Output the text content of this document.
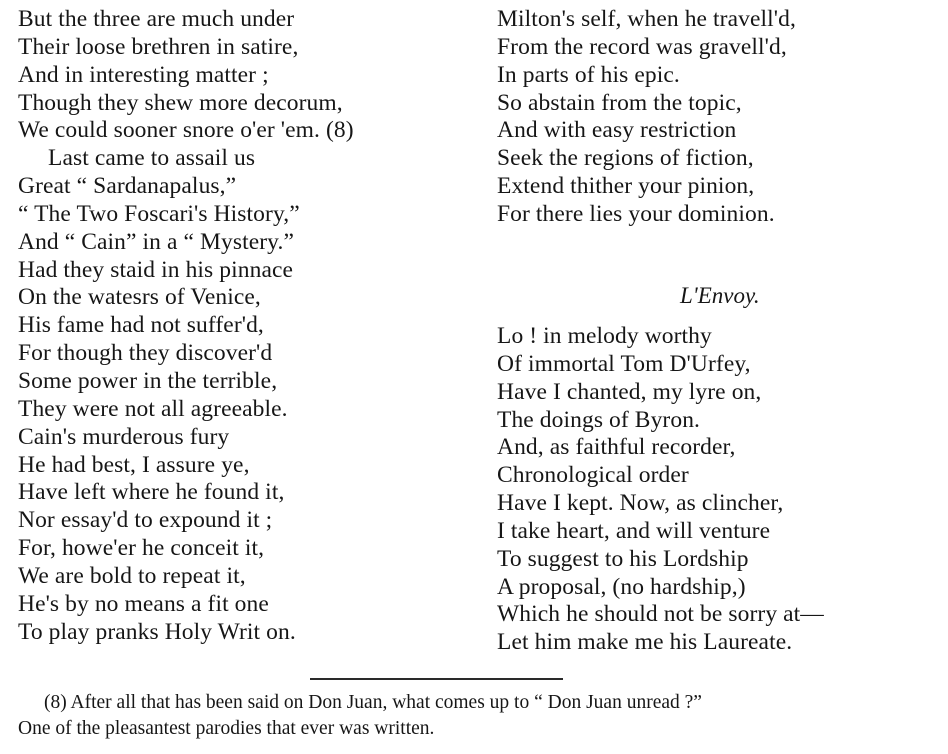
But the three are much under
Their loose brethren in satire,
And in interesting matter ;
Though they shew more decorum,
We could sooner snore o'er 'em. (8)
Last came to assail us
Great “ Sardanapalus,”
“ The Two Foscari's History,”
And “ Cain” in a “ Mystery.”
Had they staid in his pinnace
On the watesrs of Venice,
His fame had not suffer'd,
For though they discover'd
Some power in the terrible,
They were not all agreeable.
Cain's murderous fury
He had best, I assure ye,
Have left where he found it,
Nor essay'd to expound it ;
For, howe'er he conceit it,
We are bold to repeat it,
He's by no means a fit one
To play pranks Holy Writ on.
Milton's self, when he travell'd,
From the record was gravell'd,
In parts of his epic.
So abstain from the topic,
And with easy restriction
Seek the regions of fiction,
Extend thither your pinion,
For there lies your dominion.
L'Envoy.
Lo ! in melody worthy
Of immortal Tom D'Urfey,
Have I chanted, my lyre on,
The doings of Byron.
And, as faithful recorder,
Chronological order
Have I kept. Now, as clincher,
I take heart, and will venture
To suggest to his Lordship
A proposal, (no hardship,)
Which he should not be sorry at—
Let him make me his Laureate.
(8) After all that has been said on Don Juan, what comes up to “ Don Juan unread ?”
One of the pleasantest parodies that ever was written.
